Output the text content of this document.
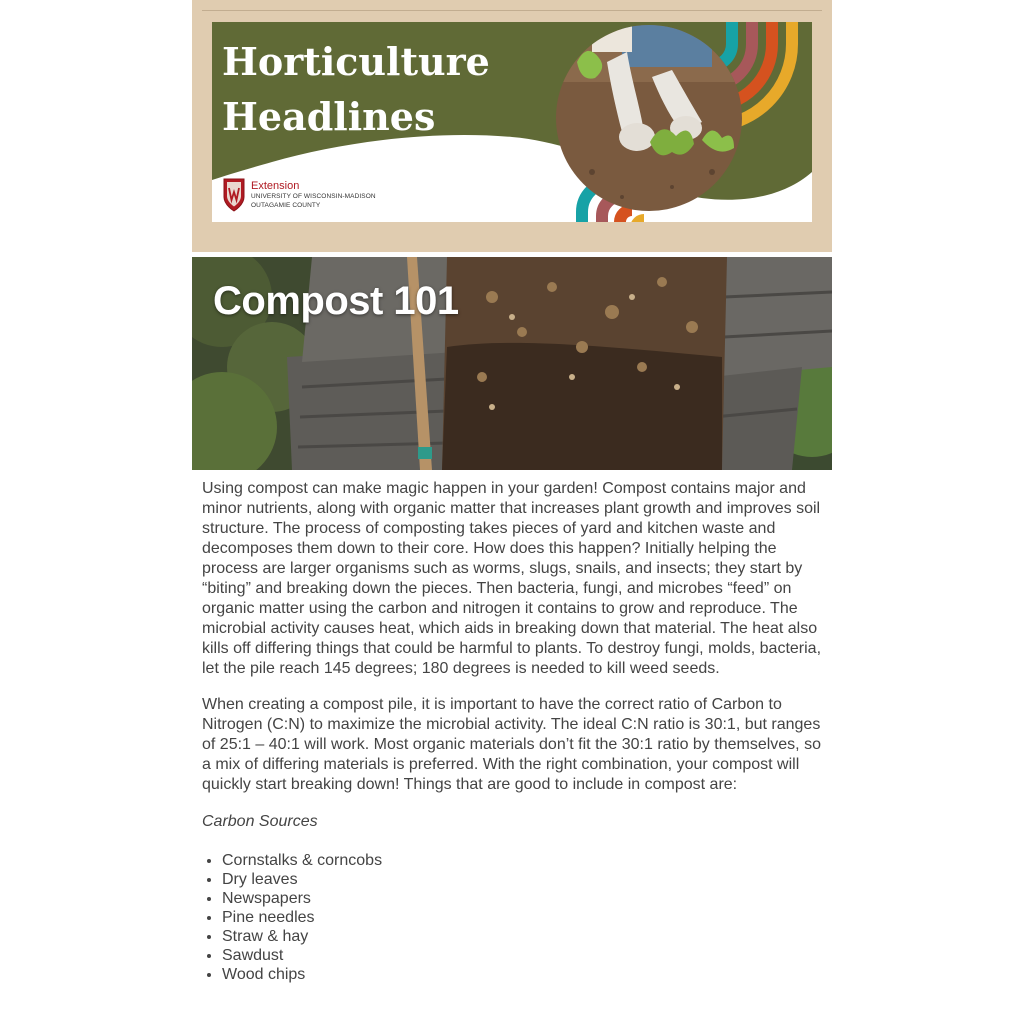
Horticulture
Headlines
Extension
UNIVERSITY OF WISCONSIN-MADISON
OUTAGAMIE COUNTY
Compost 101

Using compost can make magic happen in your garden! Compost contains major and minor nutrients, along with organic matter that increases plant growth and improves soil structure. The process of composting takes pieces of yard and kitchen waste and decomposes them down to their core. How does this happen? Initially helping the process are larger organisms such as worms, slugs, snails, and insects; they start by “biting” and breaking down the pieces. Then bacteria, fungi, and microbes “feed” on organic matter using the carbon and nitrogen it contains to grow and reproduce. The microbial activity causes heat, which aids in breaking down that material. The heat also kills off differing things that could be harmful to plants. To destroy fungi, molds, bacteria, let the pile reach 145 degrees; 180 degrees is needed to kill weed seeds.

When creating a compost pile, it is important to have the correct ratio of Carbon to Nitrogen (C:N) to maximize the microbial activity. The ideal C:N ratio is 30:1, but ranges of 25:1 – 40:1 will work. Most organic materials don’t fit the 30:1 ratio by themselves, so a mix of differing materials is preferred. With the right combination, your compost will quickly start breaking down! Things that are good to include in compost are:

Carbon Sources

• Cornstalks & corncobs
• Dry leaves
• Newspapers
• Pine needles
• Straw & hay
• Sawdust
• Wood chips
